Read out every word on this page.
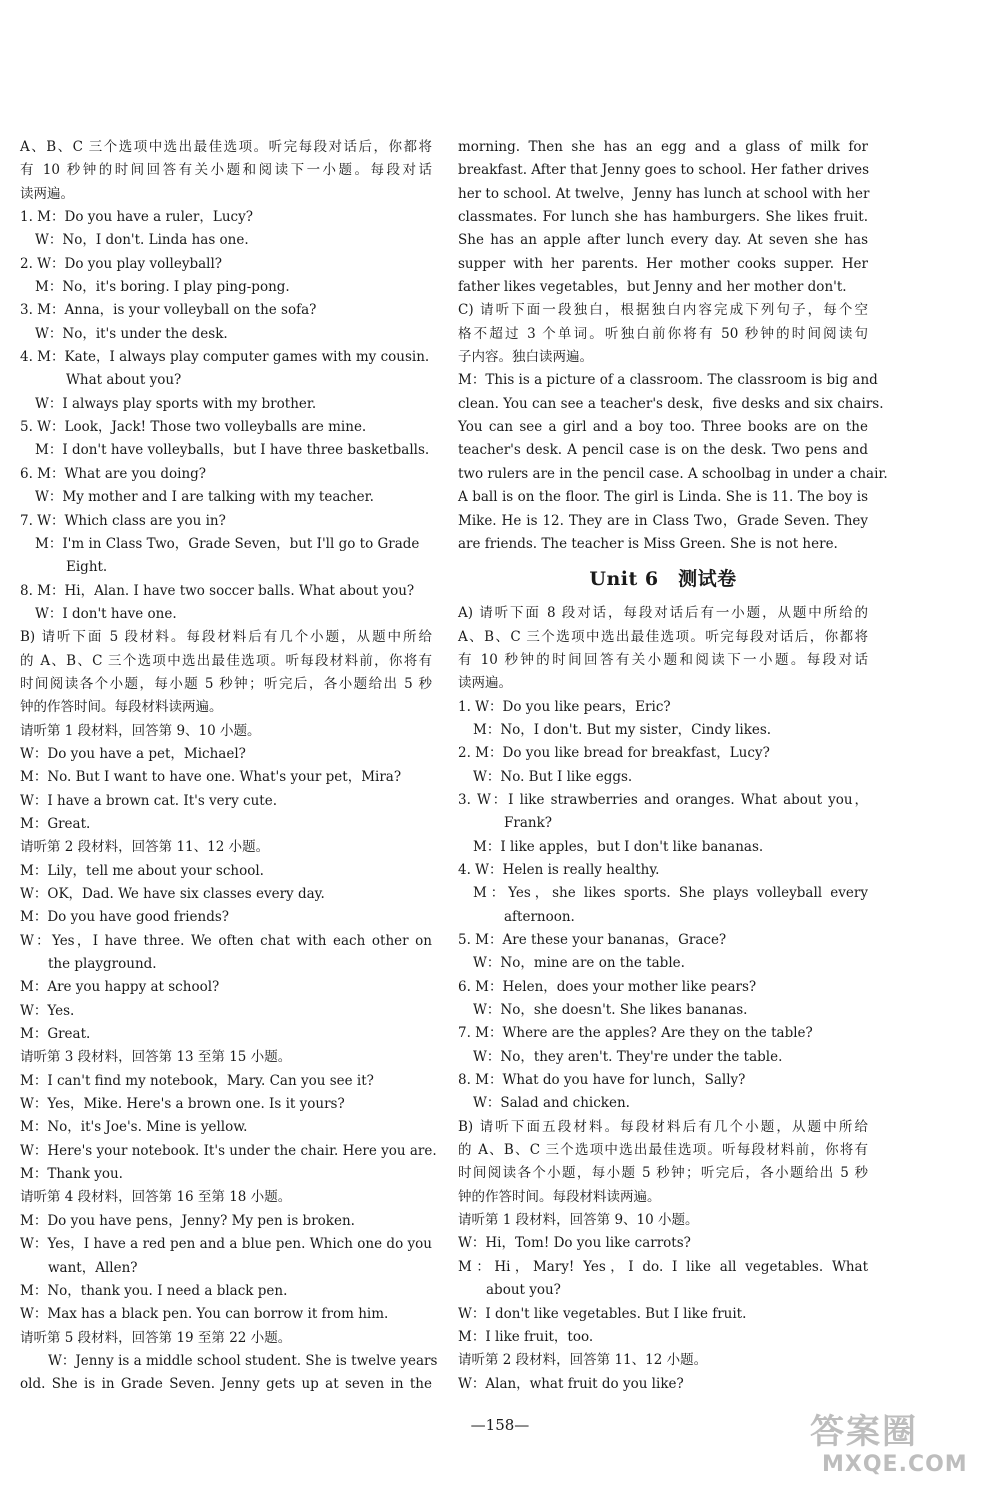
A、B、C 三个选项中选出最佳选项。听完每段对话后，你都将
有 10 秒钟的时间回答有关小题和阅读下一小题。每段对话
读两遍。
1. M：Do you have a ruler，Lucy?
W：No，I don't. Linda has one.
2. W：Do you play volleyball?
M：No，it's boring. I play ping-pong.
3. M：Anna，is your volleyball on the sofa?
W：No，it's under the desk.
4. M：Kate，I always play computer games with my cousin.
What about you?
W：I always play sports with my brother.
5. W：Look，Jack! Those two volleyballs are mine.
M：I don't have volleyballs，but I have three basketballs.
6. M：What are you doing?
W：My mother and I are talking with my teacher.
7. W：Which class are you in?
M：I'm in Class Two，Grade Seven，but I'll go to Grade
Eight.
8. M：Hi，Alan. I have two soccer balls. What about you?
W：I don't have one.
B) 请听下面 5 段材料。每段材料后有几个小题，从题中所给
的 A、B、C 三个选项中选出最佳选项。听每段材料前，你将有
时间阅读各个小题，每小题 5 秒钟；听完后，各小题给出 5 秒
钟的作答时间。每段材料读两遍。
请听第 1 段材料，回答第 9、10 小题。
W：Do you have a pet，Michael?
M：No. But I want to have one. What's your pet，Mira?
W：I have a brown cat. It's very cute.
M：Great.
请听第 2 段材料，回答第 11、12 小题。
M：Lily，tell me about your school.
W：OK，Dad. We have six classes every day.
M：Do you have good friends?
W：Yes，I have three. We often chat with each other on
the playground.
M：Are you happy at school?
W：Yes.
M：Great.
请听第 3 段材料，回答第 13 至第 15 小题。
M：I can't find my notebook，Mary. Can you see it?
W：Yes，Mike. Here's a brown one. Is it yours?
M：No，it's Joe's. Mine is yellow.
W：Here's your notebook. It's under the chair. Here you are.
M：Thank you.
请听第 4 段材料，回答第 16 至第 18 小题。
M：Do you have pens，Jenny? My pen is broken.
W：Yes，I have a red pen and a blue pen. Which one do you
want，Allen?
M：No，thank you. I need a black pen.
W：Max has a black pen. You can borrow it from him.
请听第 5 段材料，回答第 19 至第 22 小题。
W：Jenny is a middle school student. She is twelve years
old. She is in Grade Seven. Jenny gets up at seven in the
morning. Then she has an egg and a glass of milk for
breakfast. After that Jenny goes to school. Her father drives
her to school. At twelve，Jenny has lunch at school with her
classmates. For lunch she has hamburgers. She likes fruit.
She has an apple after lunch every day. At seven she has
supper with her parents. Her mother cooks supper. Her
father likes vegetables，but Jenny and her mother don't.
C) 请听下面一段独白，根据独白内容完成下列句子，每个空
格不超过 3 个单词。听独白前你将有 50 秒钟的时间阅读句
子内容。独白读两遍。
M：This is a picture of a classroom. The classroom is big and
clean. You can see a teacher's desk，five desks and six chairs.
You can see a girl and a boy too. Three books are on the
teacher's desk. A pencil case is on the desk. Two pens and
two rulers are in the pencil case. A schoolbag in under a chair.
A ball is on the floor. The girl is Linda. She is 11. The boy is
Mike. He is 12. They are in Class Two，Grade Seven. They
are friends. The teacher is Miss Green. She is not here.
Unit 6　测试卷
A) 请听下面 8 段对话，每段对话后有一小题，从题中所给的
A、B、C 三个选项中选出最佳选项。听完每段对话后，你都将
有 10 秒钟的时间回答有关小题和阅读下一小题。每段对话
读两遍。
1. W：Do you like pears，Eric?
M：No，I don't. But my sister，Cindy likes.
2. M：Do you like bread for breakfast，Lucy?
W：No. But I like eggs.
3. W：I like strawberries and oranges. What about you，
Frank?
M：I like apples，but I don't like bananas.
4. W：Helen is really healthy.
M：Yes，she likes sports. She plays volleyball every
afternoon.
5. M：Are these your bananas，Grace?
W：No，mine are on the table.
6. M：Helen，does your mother like pears?
W：No，she doesn't. She likes bananas.
7. M：Where are the apples? Are they on the table?
W：No，they aren't. They're under the table.
8. M：What do you have for lunch，Sally?
W：Salad and chicken.
B) 请听下面五段材料。每段材料后有几个小题，从题中所给
的 A、B、C 三个选项中选出最佳选项。听每段材料前，你将有
时间阅读各个小题，每小题 5 秒钟；听完后，各小题给出 5 秒
钟的作答时间。每段材料读两遍。
请听第 1 段材料，回答第 9、10 小题。
W：Hi，Tom! Do you like carrots?
M：Hi，Mary! Yes，I do. I like all vegetables. What
about you?
W：I don't like vegetables. But I like fruit.
M：I like fruit，too.
请听第 2 段材料，回答第 11、12 小题。
W：Alan，what fruit do you like?
—158—	答案圈
MXQE.COM
